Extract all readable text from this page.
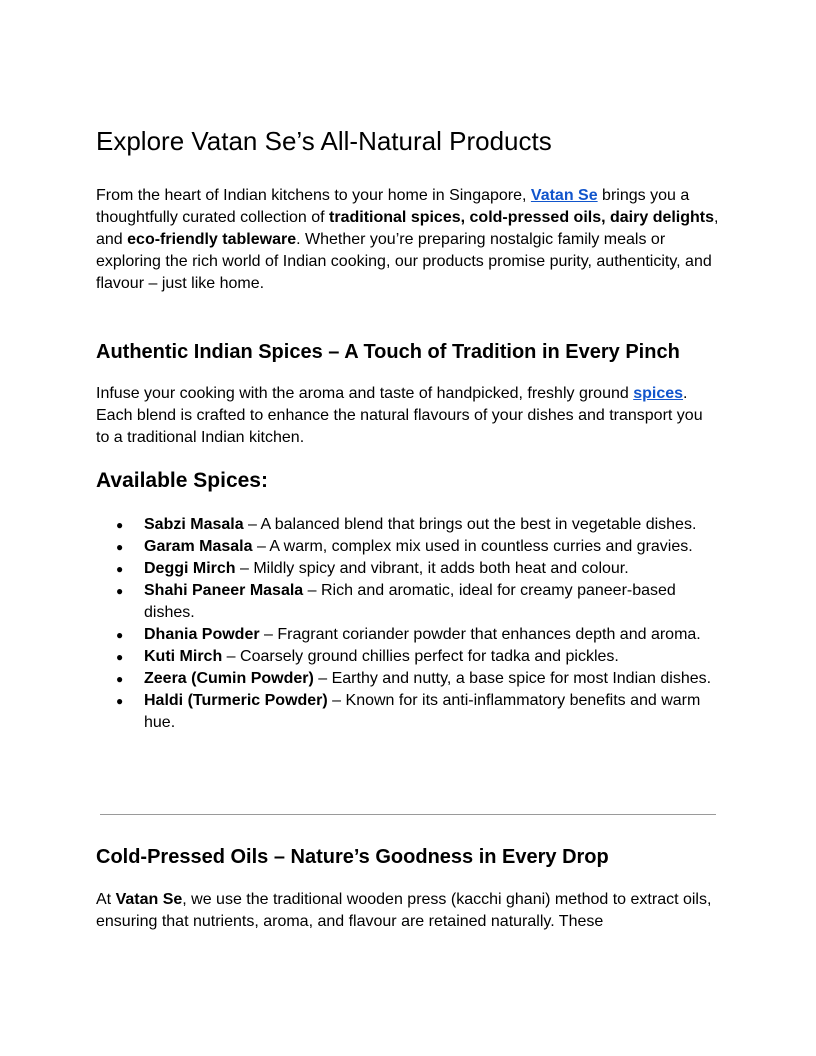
Explore Vatan Se’s All-Natural Products

From the heart of Indian kitchens to your home in Singapore, Vatan Se brings you a thoughtfully curated collection of traditional spices, cold-pressed oils, dairy delights, and eco-friendly tableware. Whether you’re preparing nostalgic family meals or exploring the rich world of Indian cooking, our products promise purity, authenticity, and flavour – just like home.

Authentic Indian Spices – A Touch of Tradition in Every Pinch

Infuse your cooking with the aroma and taste of handpicked, freshly ground spices. Each blend is crafted to enhance the natural flavours of your dishes and transport you to a traditional Indian kitchen.

Available Spices:
● Sabzi Masala – A balanced blend that brings out the best in vegetable dishes.
● Garam Masala – A warm, complex mix used in countless curries and gravies.
● Deggi Mirch – Mildly spicy and vibrant, it adds both heat and colour.
● Shahi Paneer Masala – Rich and aromatic, ideal for creamy paneer-based dishes.
● Dhania Powder – Fragrant coriander powder that enhances depth and aroma.
● Kuti Mirch – Coarsely ground chillies perfect for tadka and pickles.
● Zeera (Cumin Powder) – Earthy and nutty, a base spice for most Indian dishes.
● Haldi (Turmeric Powder) – Known for its anti-inflammatory benefits and warm hue.
Cold-Pressed Oils – Nature’s Goodness in Every Drop

At Vatan Se, we use the traditional wooden press (kacchi ghani) method to extract oils, ensuring that nutrients, aroma, and flavour are retained naturally. These
